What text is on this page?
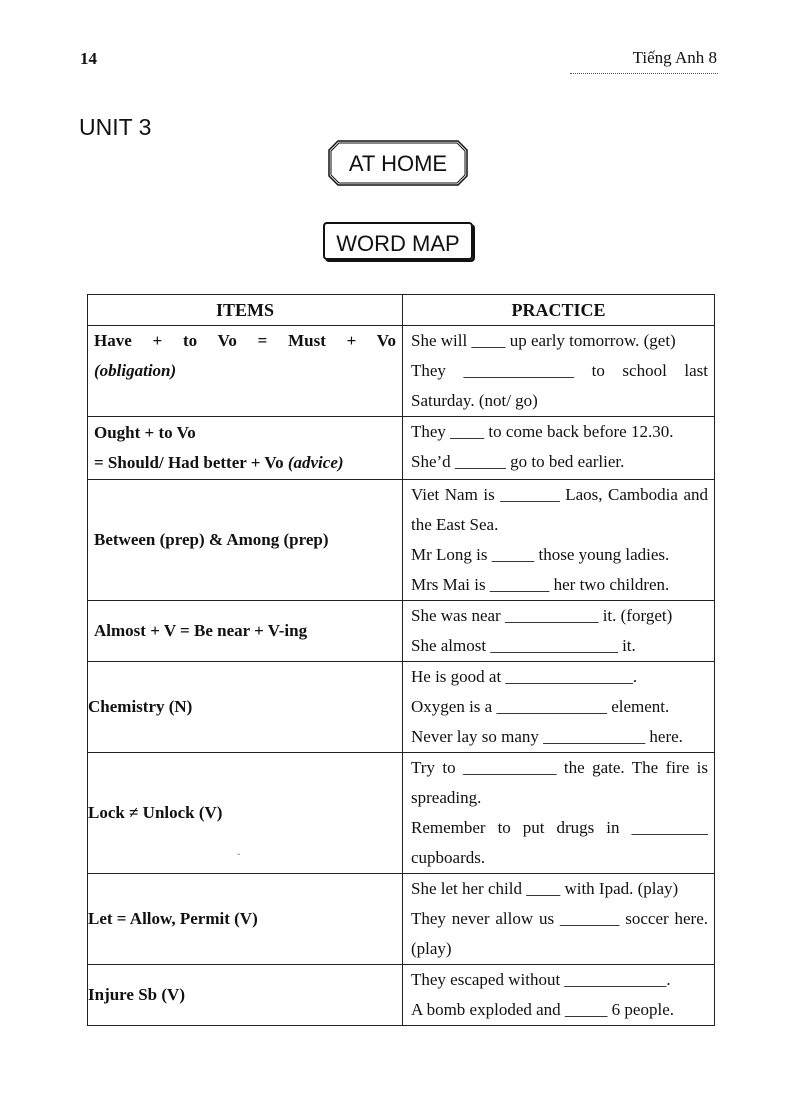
14	Tiếng Anh 8
UNIT 3
AT HOME
WORD MAP
ITEMS	PRACTICE

Have + to Vo = Must + Vo
(obligation)	She will ____ up early tomorrow. (get)
They _____________ to school last Saturday. (not/ go)

Ought + to Vo
= Should/ Had better + Vo (advice)	They ____ to come back before 12.30.
She’d ______ go to bed earlier.

Between (prep) & Among (prep)	Viet Nam is _______ Laos, Cambodia and the East Sea.
Mr Long is _____ those young ladies.
Mrs Mai is _______ her two children.

Almost + V = Be near + V-ing	She was near ___________ it. (forget)
She almost _______________ it.

Chemistry (N)	He is good at _______________.
Oxygen is a _____________ element.
Never lay so many ____________ here.

Lock ≠ Unlock (V)	Try to ___________ the gate. The fire is spreading.
Remember to put drugs in _________ cupboards.

Let = Allow, Permit (V)	She let her child ____ with Ipad. (play)
They never allow us _______ soccer here. (play)

Injure Sb (V)	They escaped without ____________.
A bomb exploded and _____ 6 people.
ˇ
